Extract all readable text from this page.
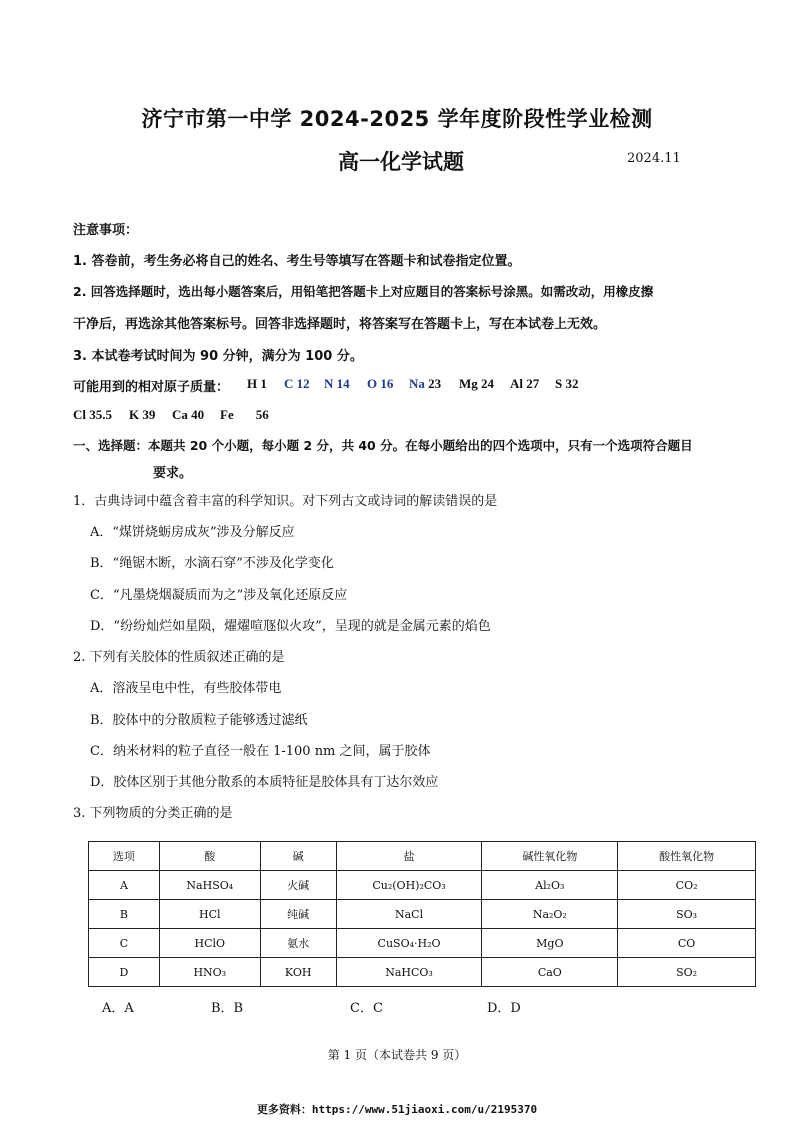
济宁市第一中学 2024-2025 学年度阶段性学业检测
高一化学试题	2024.11
注意事项：
1. 答卷前，考生务必将自己的姓名、考生号等填写在答题卡和试卷指定位置。
2. 回答选择题时，选出每小题答案后，用铅笔把答题卡上对应题目的答案标号涂黑。如需改动，用橡皮擦
干净后，再选涂其他答案标号。回答非选择题时，将答案写在答题卡上，写在本试卷上无效。
3. 本试卷考试时间为 90 分钟，满分为 100 分。
可能用到的相对原子质量： H 1 C 12 N 14 O 16 Na 23 Mg 24 Al 27 S 32
Cl 35.5 K 39 Ca 40 Fe 56
一、选择题：本题共 20 个小题，每小题 2 分，共 40 分。在每小题给出的四个选项中，只有一个选项符合题目
要求。
1．古典诗词中蕴含着丰富的科学知识。对下列古文或诗词的解读错误的是
A．“煤饼烧蛎房成灰”涉及分解反应
B．“绳锯木断，水滴石穿”不涉及化学变化
C．“凡墨烧烟凝质而为之”涉及氧化还原反应
D．“纷纷灿烂如星陨，燿燿喧豗似火攻”，呈现的就是金属元素的焰色
2. 下列有关胶体的性质叙述正确的是
A．溶液呈电中性，有些胶体带电
B．胶体中的分散质粒子能够透过滤纸
C．纳米材料的粒子直径一般在 1-100 nm 之间，属于胶体
D．胶体区别于其他分散系的本质特征是胶体具有丁达尔效应
3. 下列物质的分类正确的是
选项	酸	碱	盐	碱性氧化物	酸性氧化物
A	NaHSO₄	火碱	Cu₂(OH)₂CO₃	Al₂O₃	CO₂
B	HCl	纯碱	NaCl	Na₂O₂	SO₃
C	HClO	氨水	CuSO₄·H₂O	MgO	CO
D	HNO₃	KOH	NaHCO₃	CaO	SO₂
A．A	B．B	C．C	D．D
第 1 页（本试卷共 9 页）
更多资料：https://www.51jiaoxi.com/u/2195370
